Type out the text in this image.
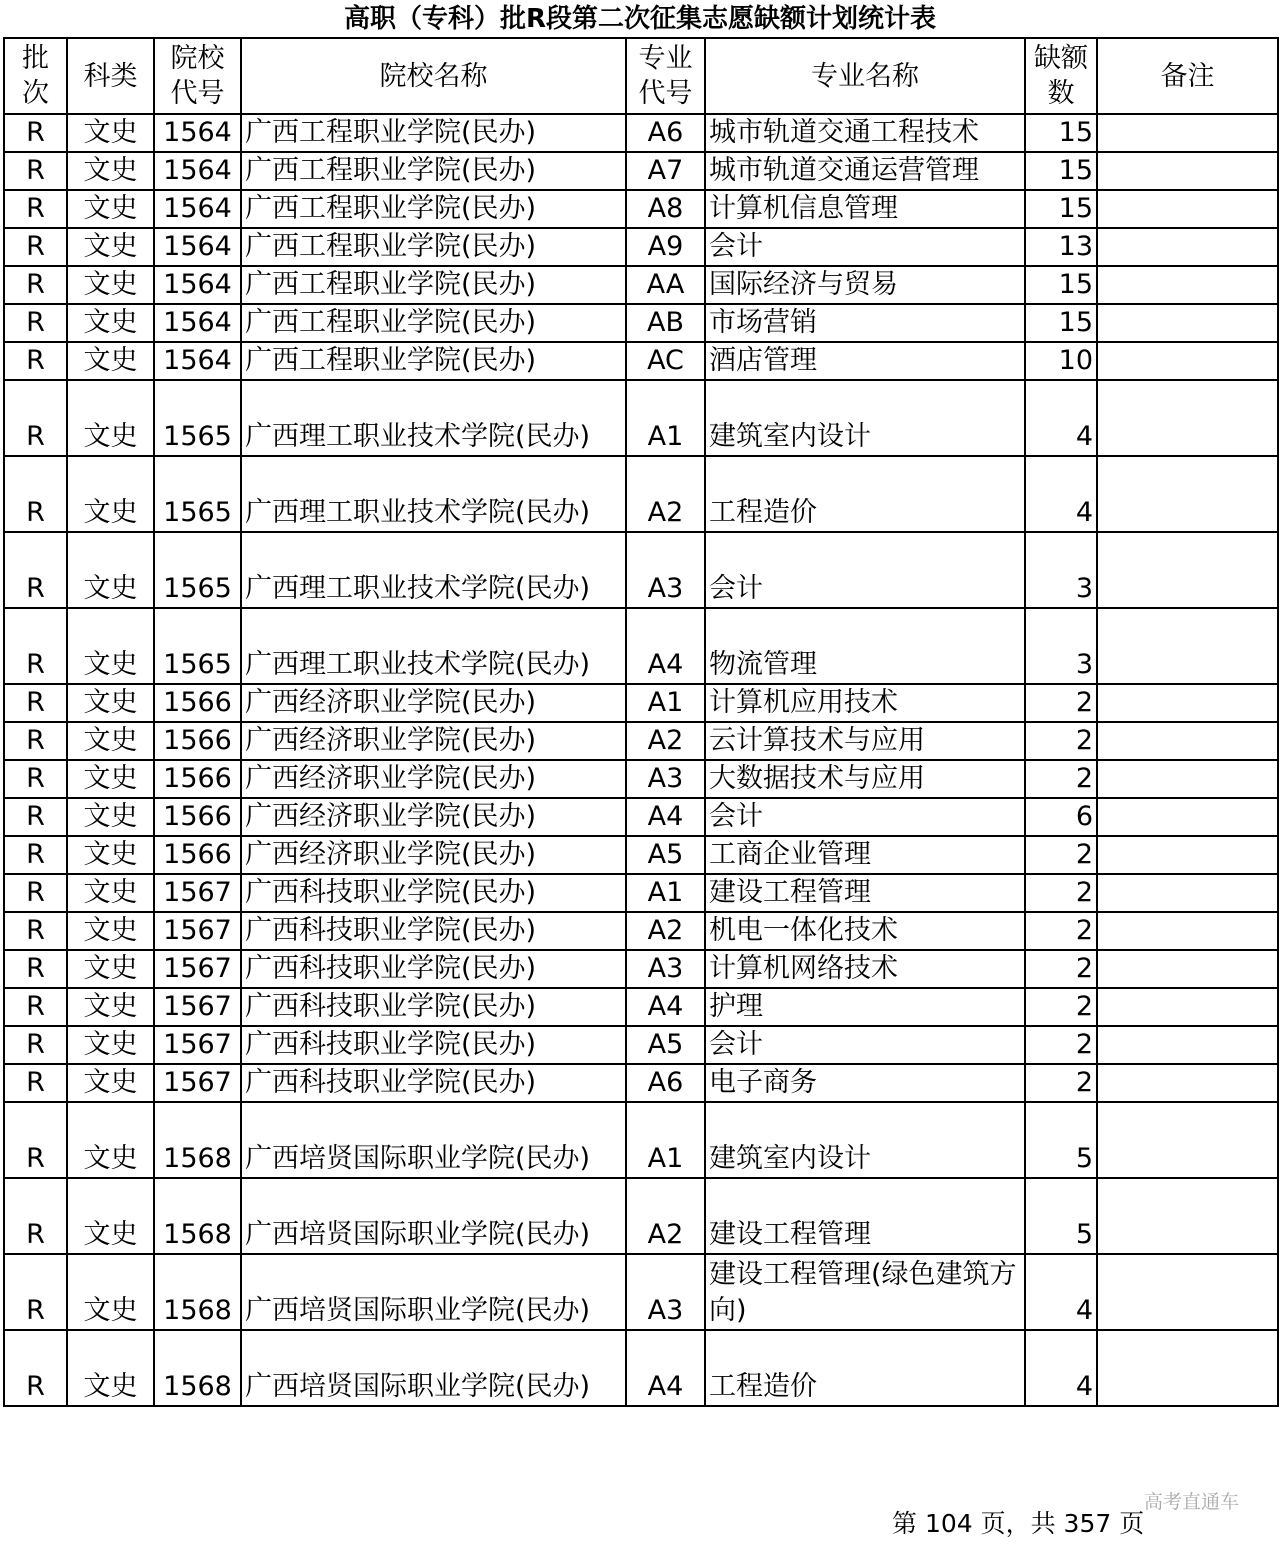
高职（专科）批R段第二次征集志愿缺额计划统计表
批次	科类	院校代号	院校名称	专业代号	专业名称	缺额数	备注
R	文史	1564	广西工程职业学院(民办)	A6	城市轨道交通工程技术	15	
R	文史	1564	广西工程职业学院(民办)	A7	城市轨道交通运营管理	15	
R	文史	1564	广西工程职业学院(民办)	A8	计算机信息管理	15	
R	文史	1564	广西工程职业学院(民办)	A9	会计	13	
R	文史	1564	广西工程职业学院(民办)	AA	国际经济与贸易	15	
R	文史	1564	广西工程职业学院(民办)	AB	市场营销	15	
R	文史	1564	广西工程职业学院(民办)	AC	酒店管理	10	
R	文史	1565	广西理工职业技术学院(民办)	A1	建筑室内设计	4	
R	文史	1565	广西理工职业技术学院(民办)	A2	工程造价	4	
R	文史	1565	广西理工职业技术学院(民办)	A3	会计	3	
R	文史	1565	广西理工职业技术学院(民办)	A4	物流管理	3	
R	文史	1566	广西经济职业学院(民办)	A1	计算机应用技术	2	
R	文史	1566	广西经济职业学院(民办)	A2	云计算技术与应用	2	
R	文史	1566	广西经济职业学院(民办)	A3	大数据技术与应用	2	
R	文史	1566	广西经济职业学院(民办)	A4	会计	6	
R	文史	1566	广西经济职业学院(民办)	A5	工商企业管理	2	
R	文史	1567	广西科技职业学院(民办)	A1	建设工程管理	2	
R	文史	1567	广西科技职业学院(民办)	A2	机电一体化技术	2	
R	文史	1567	广西科技职业学院(民办)	A3	计算机网络技术	2	
R	文史	1567	广西科技职业学院(民办)	A4	护理	2	
R	文史	1567	广西科技职业学院(民办)	A5	会计	2	
R	文史	1567	广西科技职业学院(民办)	A6	电子商务	2	
R	文史	1568	广西培贤国际职业学院(民办)	A1	建筑室内设计	5	
R	文史	1568	广西培贤国际职业学院(民办)	A2	建设工程管理	5	
R	文史	1568	广西培贤国际职业学院(民办)	A3	建设工程管理(绿色建筑方向)	4	
R	文史	1568	广西培贤国际职业学院(民办)	A4	工程造价	4	
第 104 页，共 357 页
高考直通车
